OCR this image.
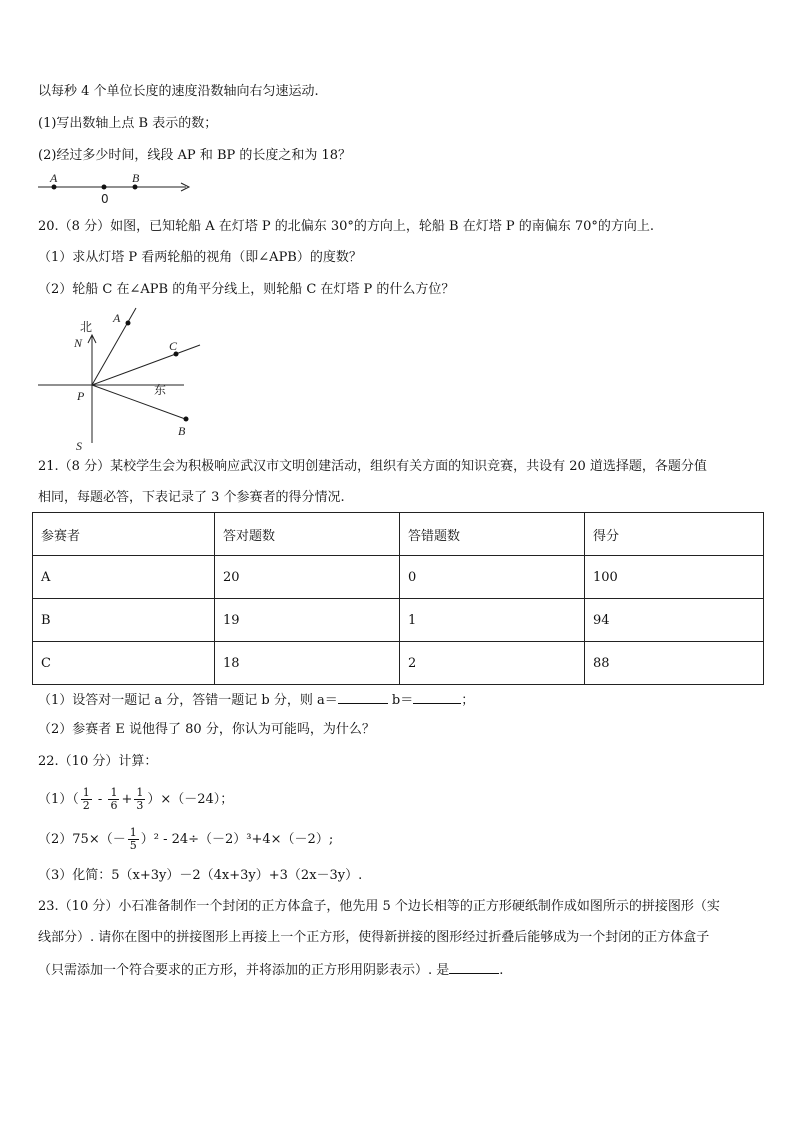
以每秒 4 个单位长度的速度沿数轴向右匀速运动.
(1)写出数轴上点 B 表示的数；
(2)经过多少时间，线段 AP 和 BP 的长度之和为 18？
A	B
0
20.（8 分）如图，已知轮船 A 在灯塔 P 的北偏东 30°的方向上，轮船 B 在灯塔 P 的南偏东 70°的方向上.
（1）求从灯塔 P 看两轮船的视角（即∠APB）的度数？
（2）轮船 C 在∠APB 的角平分线上，则轮船 C 在灯塔 P 的什么方位？
北
N
S
东
P
A
C
B
21.（8 分）某校学生会为积极响应武汉市文明创建活动，组织有关方面的知识竞赛，共设有 20 道选择题，各题分值
相同，每题必答，下表记录了 3 个参赛者的得分情况.
参赛者	答对题数	答错题数	得分
A	20	0	100
B	19	1	94
C	18	2	88
（1）设答对一题记 a 分，答错一题记 b 分，则 a＝	b＝	；
（2）参赛者 E 说他得了 80 分，你认为可能吗，为什么？
22.（10 分）计算：
$(1)( \frac{1}{2} - \frac{1}{6} + \frac{1}{3} )\times(-24)$；
$(2)75\times(- \frac{1}{5} )^2 - 24\div(-2)^3+4\times(-2)$;
（3）化简：5（x+3y）－2（4x+3y）+3（2x－3y）.
23.（10 分）小石准备制作一个封闭的正方体盒子，他先用 5 个边长相等的正方形硬纸制作成如图所示的拼接图形（实
线部分）. 请你在图中的拼接图形上再接上一个正方形，使得新拼接的图形经过折叠后能够成为一个封闭的正方体盒子
（只需添加一个符合要求的正方形，并将添加的正方形用阴影表示）. 是	.
